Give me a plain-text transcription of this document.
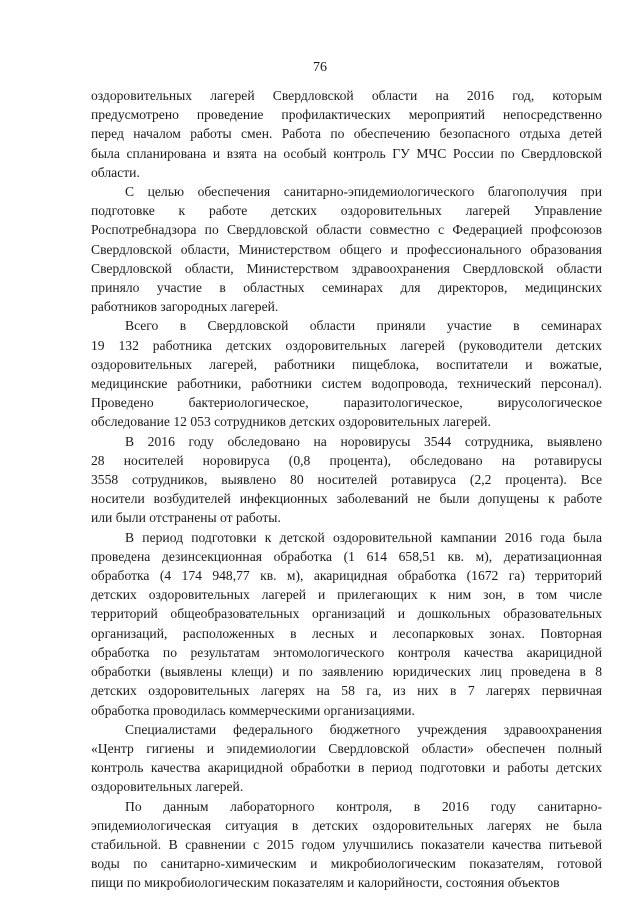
76
оздоровительных лагерей Свердловской области на 2016 год, которым
предусмотрено проведение профилактических мероприятий непосредственно
перед началом работы смен. Работа по обеспечению безопасного отдыха детей
была спланирована и взята на особый контроль ГУ МЧС России по Свердловской
области.
С целью обеспечения санитарно-эпидемиологического благополучия при
подготовке к работе детских оздоровительных лагерей Управление
Роспотребнадзора по Свердловской области совместно с Федерацией профсоюзов
Свердловской области, Министерством общего и профессионального образования
Свердловской области, Министерством здравоохранения Свердловской области
приняло участие в областных семинарах для директоров, медицинских
работников загородных лагерей.
Всего в Свердловской области приняли участие в семинарах
19 132 работника детских оздоровительных лагерей (руководители детских
оздоровительных лагерей, работники пищеблока, воспитатели и вожатые,
медицинские работники, работники систем водопровода, технический персонал).
Проведено бактериологическое, паразитологическое, вирусологическое
обследование 12 053 сотрудников детских оздоровительных лагерей.
В 2016 году обследовано на норовирусы 3544 сотрудника, выявлено
28 носителей норовируса (0,8 процента), обследовано на ротавирусы
3558 сотрудников, выявлено 80 носителей ротавируса (2,2 процента). Все
носители возбудителей инфекционных заболеваний не были допущены к работе
или были отстранены от работы.
В период подготовки к детской оздоровительной кампании 2016 года была
проведена дезинсекционная обработка (1 614 658,51 кв. м), дератизационная
обработка (4 174 948,77 кв. м), акарицидная обработка (1672 га) территорий
детских оздоровительных лагерей и прилегающих к ним зон, в том числе
территорий общеобразовательных организаций и дошкольных образовательных
организаций, расположенных в лесных и лесопарковых зонах. Повторная
обработка по результатам энтомологического контроля качества акарицидной
обработки (выявлены клещи) и по заявлению юридических лиц проведена в 8
детских оздоровительных лагерях на 58 га, из них в 7 лагерях первичная
обработка проводилась коммерческими организациями.
Специалистами федерального бюджетного учреждения здравоохранения
«Центр гигиены и эпидемиологии Свердловской области» обеспечен полный
контроль качества акарицидной обработки в период подготовки и работы детских
оздоровительных лагерей.
По данным лабораторного контроля, в 2016 году санитарно-
эпидемиологическая ситуация в детских оздоровительных лагерях не была
стабильной. В сравнении с 2015 годом улучшились показатели качества питьевой
воды по санитарно-химическим и микробиологическим показателям, готовой
пищи по микробиологическим показателям и калорийности, состояния объектов
